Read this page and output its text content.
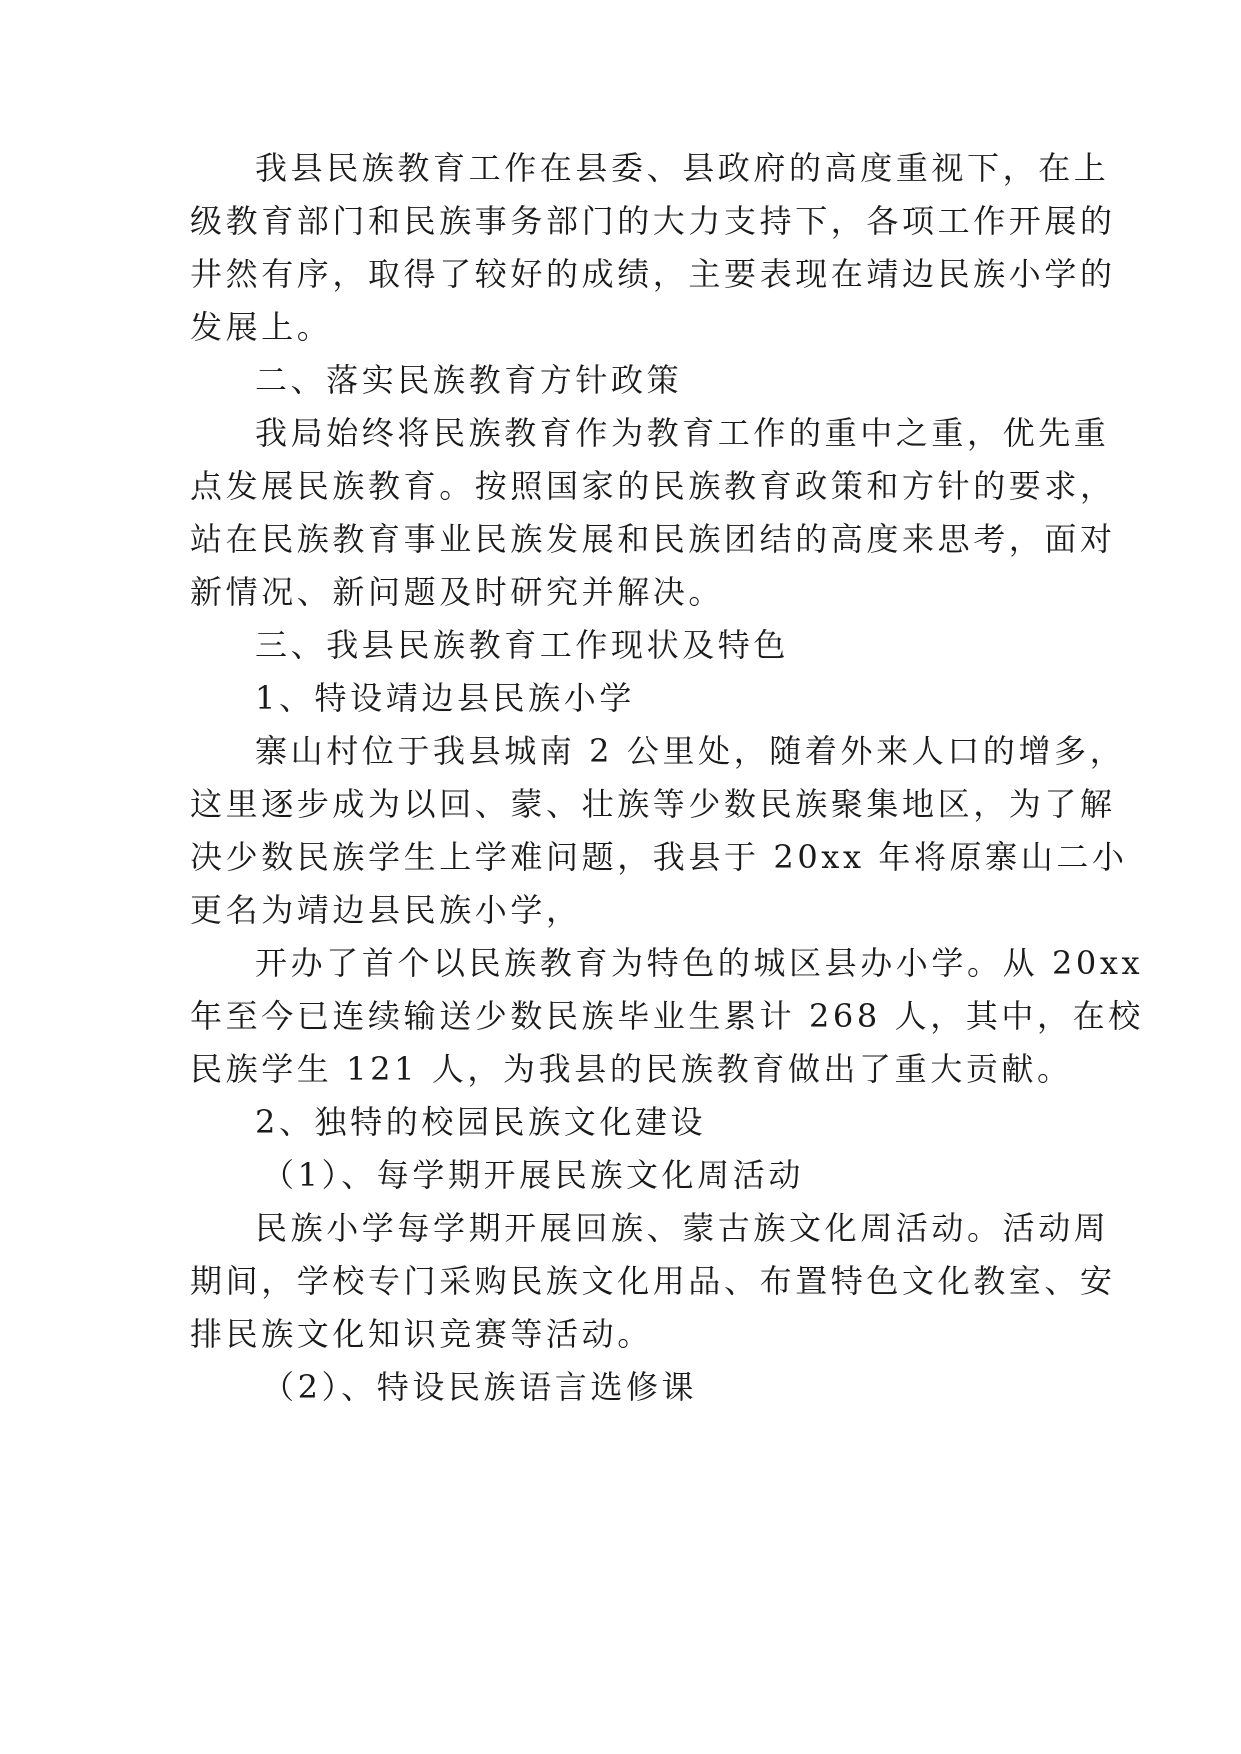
我县民族教育工作在县委、县政府的高度重视下，在上
级教育部门和民族事务部门的大力支持下，各项工作开展的
井然有序，取得了较好的成绩，主要表现在靖边民族小学的
发展上。
二、落实民族教育方针政策
我局始终将民族教育作为教育工作的重中之重，优先重
点发展民族教育。按照国家的民族教育政策和方针的要求，
站在民族教育事业民族发展和民族团结的高度来思考，面对
新情况、新问题及时研究并解决。
三、我县民族教育工作现状及特色
1、特设靖边县民族小学
寨山村位于我县城南 2 公里处，随着外来人口的增多，
这里逐步成为以回、蒙、壮族等少数民族聚集地区，为了解
决少数民族学生上学难问题，我县于 20xx 年将原寨山二小
更名为靖边县民族小学，
开办了首个以民族教育为特色的城区县办小学。从 20xx
年至今已连续输送少数民族毕业生累计 268 人，其中，在校
民族学生 121 人，为我县的民族教育做出了重大贡献。
2、独特的校园民族文化建设
（1）、每学期开展民族文化周活动
民族小学每学期开展回族、蒙古族文化周活动。活动周
期间，学校专门采购民族文化用品、布置特色文化教室、安
排民族文化知识竞赛等活动。
（2）、特设民族语言选修课
